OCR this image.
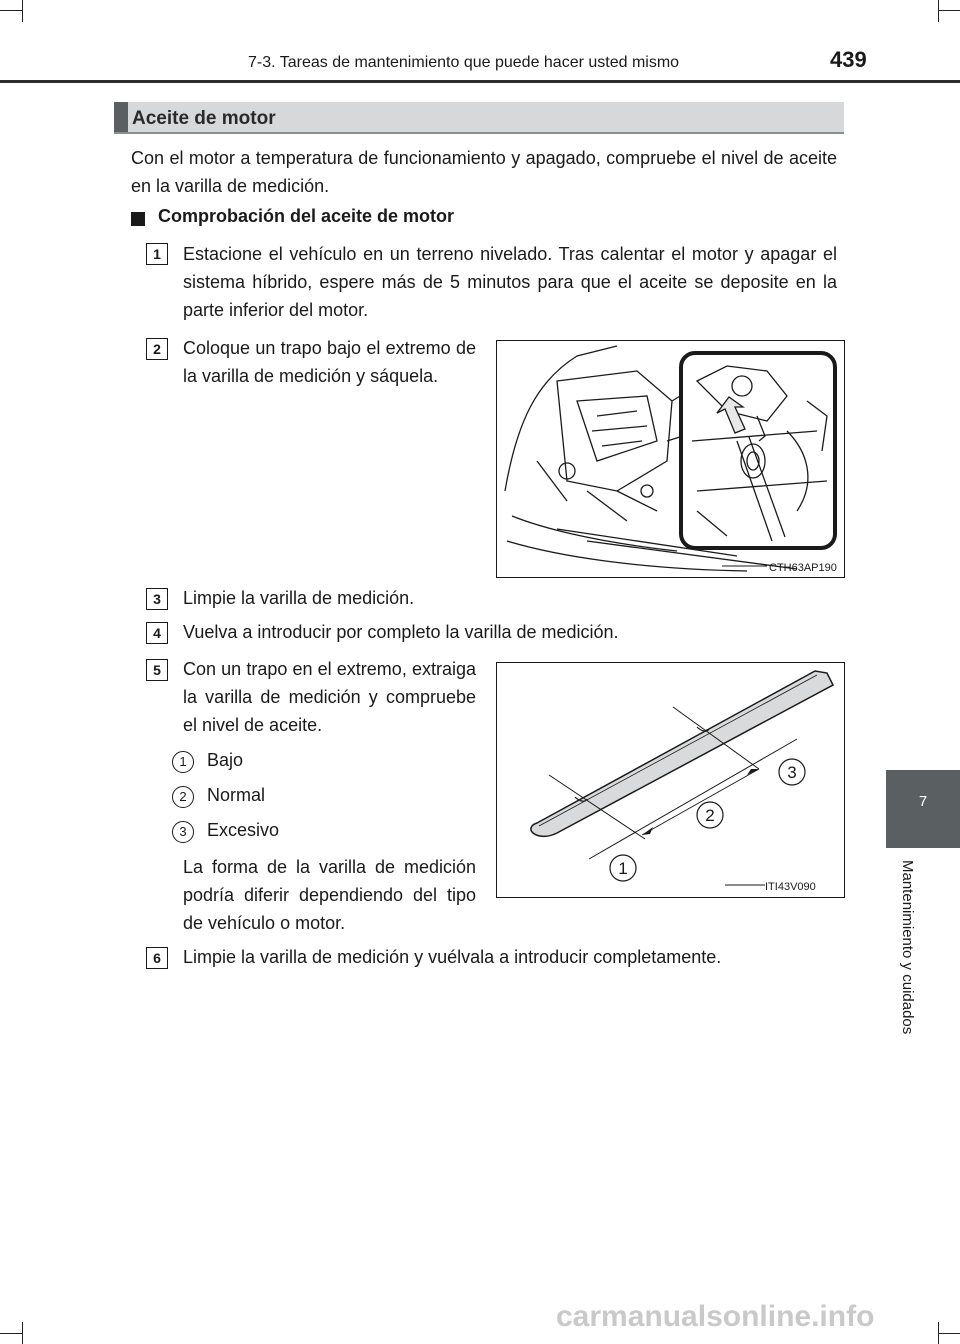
7-3. Tareas de mantenimiento que puede hacer usted mismo	439
7
Mantenimiento y cuidados
Aceite de motor
Con el motor a temperatura de funcionamiento y apagado, compruebe el nivel de aceite en la varilla de medición.
Comprobación del aceite de motor
1	Estacione el vehículo en un terreno nivelado. Tras calentar el motor y apagar el sistema híbrido, espere más de 5 minutos para que el aceite se deposite en la parte inferior del motor.
2	Coloque un trapo bajo el extremo de la varilla de medición y sáquela.
CTH63AP190
3	Limpie la varilla de medición.
4	Vuelva a introducir por completo la varilla de medición.
5	Con un trapo en el extremo, extraiga la varilla de medición y compruebe el nivel de aceite.
1	Bajo
2	Normal
3	Excesivo
La forma de la varilla de medición podría diferir dependiendo del tipo de vehículo o motor.
1
2
3
ITI43V090
6	Limpie la varilla de medición y vuélvala a introducir completamente.
carmanualsonline.info
